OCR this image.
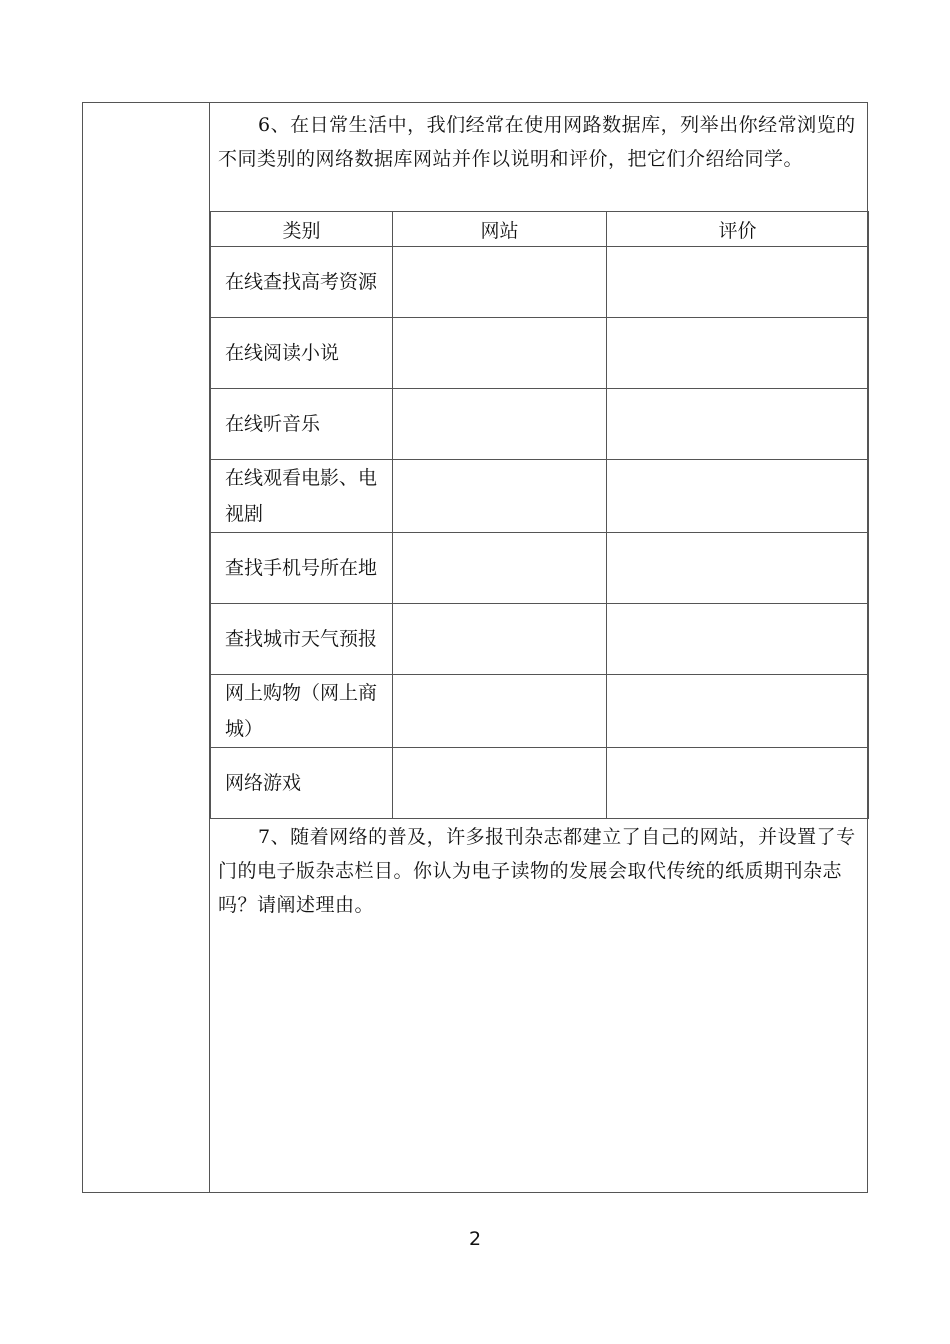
6、在日常生活中，我们经常在使用网路数据库，列举出你经常浏览的不同类别的网络数据库网站并作以说明和评价，把它们介绍给同学。
类别	网站	评价
在线查找高考资源		
在线阅读小说		
在线听音乐		
在线观看电影、电视剧		
查找手机号所在地		
查找城市天气预报		
网上购物（网上商城）		
网络游戏		
7、随着网络的普及，许多报刊杂志都建立了自己的网站，并设置了专门的电子版杂志栏目。你认为电子读物的发展会取代传统的纸质期刊杂志吗？请阐述理由。
2
